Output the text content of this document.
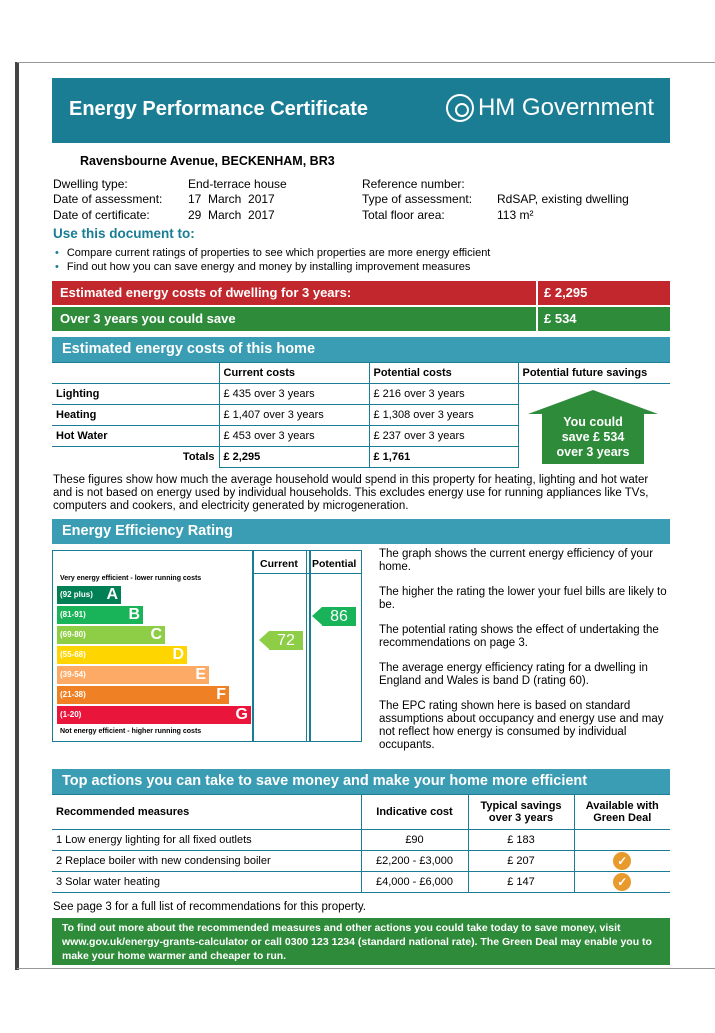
Energy Performance Certificate	HM Government
Ravensbourne Avenue, BECKENHAM, BR3
Dwelling type:	End-terrace house
Date of assessment: 17  March  2017
Date of certificate:	29  March  2017
Reference number:
Type of assessment: RdSAP, existing dwelling
Total floor area:	113 m²
Use this document to:
• Compare current ratings of properties to see which properties are more energy efficient
• Find out how you can save energy and money by installing improvement measures
Estimated energy costs of dwelling for 3 years:	£ 2,295
Over 3 years you could save	£ 534
Estimated energy costs of this home
	Current costs	Potential costs	Potential future savings
Lighting	£ 435 over 3 years	£ 216 over 3 years	
Heating	£ 1,407 over 3 years	£ 1,308 over 3 years	
Hot Water	£ 453 over 3 years	£ 237 over 3 years	
Totals	£ 2,295	£ 1,761	
You could
save £ 534
over 3 years
These figures show how much the average household would spend in this property for heating, lighting and hot water and is not based on energy used by individual households. This excludes energy use for running appliances like TVs, computers and cookers, and electricity generated by microgeneration.
Energy Efficiency Rating
Very energy efficient - lower running costs
(92 plus) A
(81-91)	B
(69-80)	C
(55-68)	D
(39-54)	E
(21-38)	F
(1-20)	G
Not energy efficient - higher running costs
Current Potential
72
86
The graph shows the current energy efficiency of your home.
The higher the rating the lower your fuel bills are likely to be.
The potential rating shows the effect of undertaking the recommendations on page 3.
The average energy efficiency rating for a dwelling in England and Wales is band D (rating 60).
The EPC rating shown here is based on standard assumptions about occupancy and energy use and may not reflect how energy is consumed by individual occupants.
Top actions you can take to save money and make your home more efficient
Recommended measures	Indicative cost	Typical savings over 3 years	Available with Green Deal
1 Low energy lighting for all fixed outlets	£90	£ 183	
2 Replace boiler with new condensing boiler	£2,200 - £3,000	£ 207	✓
3 Solar water heating	£4,000 - £6,000	£ 147	✓
See page 3 for a full list of recommendations for this property.
To find out more about the recommended measures and other actions you could take today to save money, visit www.gov.uk/energy-grants-calculator or call 0300 123 1234 (standard national rate). The Green Deal may enable you to make your home warmer and cheaper to run.
